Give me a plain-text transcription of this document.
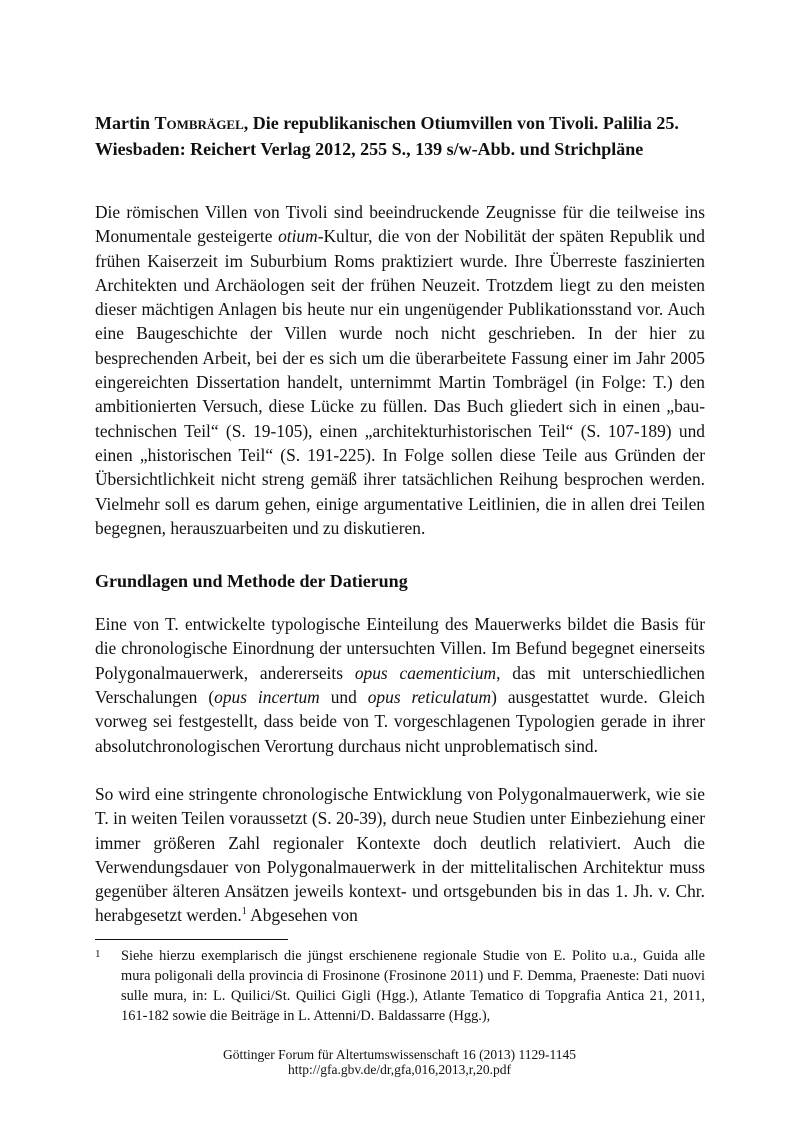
Martin Tombrägel, Die republikanischen Otiumvillen von Tivoli. Palilia 25. Wiesbaden: Reichert Verlag 2012, 255 S., 139 s/w-Abb. und Strichpläne

Die römischen Villen von Tivoli sind beeindruckende Zeugnisse für die teilweise ins Monumentale gesteigerte otium-Kultur, die von der Nobilität der späten Republik und frühen Kaiserzeit im Suburbium Roms praktiziert wurde. Ihre Überreste faszinierten Architekten und Archäologen seit der frühen Neuzeit. Trotzdem liegt zu den meisten dieser mächtigen Anlagen bis heute nur ein ungenügender Publikationsstand vor. Auch eine Baugeschichte der Villen wurde noch nicht geschrieben. In der hier zu besprechenden Arbeit, bei der es sich um die überarbeitete Fassung einer im Jahr 2005 eingereichten Dissertation handelt, unternimmt Martin Tombrägel (in Folge: T.) den ambitionierten Versuch, diese Lücke zu füllen. Das Buch gliedert sich in einen „bautechnischen Teil“ (S. 19-105), einen „architekturhistorischen Teil“ (S. 107-189) und einen „historischen Teil“ (S. 191-225). In Folge sollen diese Teile aus Gründen der Übersichtlichkeit nicht streng gemäß ihrer tatsächlichen Reihung besprochen werden. Vielmehr soll es darum gehen, einige argumentative Leitlinien, die in allen drei Teilen begegnen, herauszuarbeiten und zu diskutieren.

Grundlagen und Methode der Datierung

Eine von T. entwickelte typologische Einteilung des Mauerwerks bildet die Basis für die chronologische Einordnung der untersuchten Villen. Im Befund begegnet einerseits Polygonalmauerwerk, andererseits opus caementicium, das mit unterschiedlichen Verschalungen (opus incertum und opus reticulatum) ausgestattet wurde. Gleich vorweg sei festgestellt, dass beide von T. vorgeschlagenen Typologien gerade in ihrer absolutchronologischen Verortung durchaus nicht unproblematisch sind.

So wird eine stringente chronologische Entwicklung von Polygonalmauerwerk, wie sie T. in weiten Teilen voraussetzt (S. 20-39), durch neue Studien unter Einbeziehung einer immer größeren Zahl regionaler Kontexte doch deutlich relativiert. Auch die Verwendungsdauer von Polygonalmauerwerk in der mittelitalischen Architektur muss gegenüber älteren Ansätzen jeweils kontext- und ortsgebunden bis in das 1. Jh. v. Chr. herabgesetzt werden.$^1$ Abgesehen von

1	Siehe hierzu exemplarisch die jüngst erschienene regionale Studie von E. Polito u.a., Guida alle mura poligonali della provincia di Frosinone (Frosinone 2011) und F. Demma, Praeneste: Dati nuovi sulle mura, in: L. Quilici/St. Quilici Gigli (Hgg.), Atlante Tematico di Topgrafia Antica 21, 2011, 161-182 sowie die Beiträge in L. Attenni/D. Baldassarre (Hgg.),
Göttinger Forum für Altertumswissenschaft 16 (2013) 1129-1145
http://gfa.gbv.de/dr,gfa,016,2013,r,20.pdf
